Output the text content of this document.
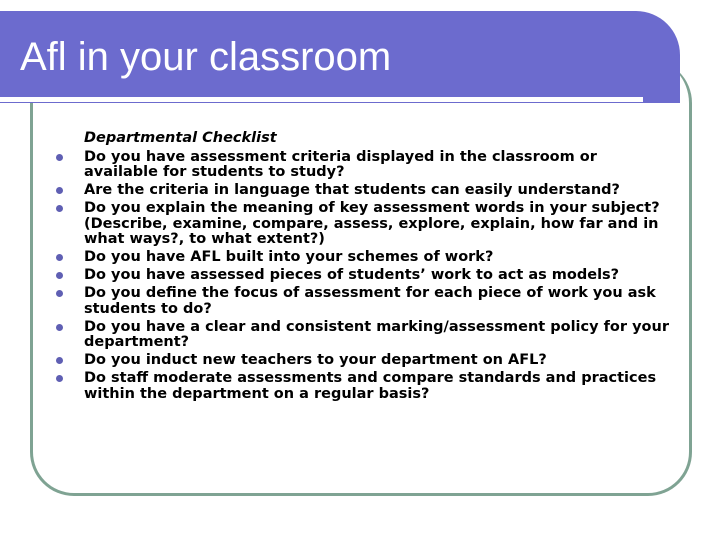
Afl in your classroom
Departmental Checklist
Do you have assessment criteria displayed in the classroom or available for students to study?
Are the criteria in language that students can easily understand?
Do you explain the meaning of key assessment words in your subject? (Describe, examine, compare, assess, explore, explain, how far and in what ways?, to what extent?)
Do you have AFL built into your schemes of work?
Do you have assessed pieces of students’ work to act as models?
Do you define the focus of assessment for each piece of work you ask students to do?
Do you have a clear and consistent marking/assessment policy for your department?
Do you induct new teachers to your department on AFL?
Do staff moderate assessments and compare standards and practices within the department on a regular basis?
